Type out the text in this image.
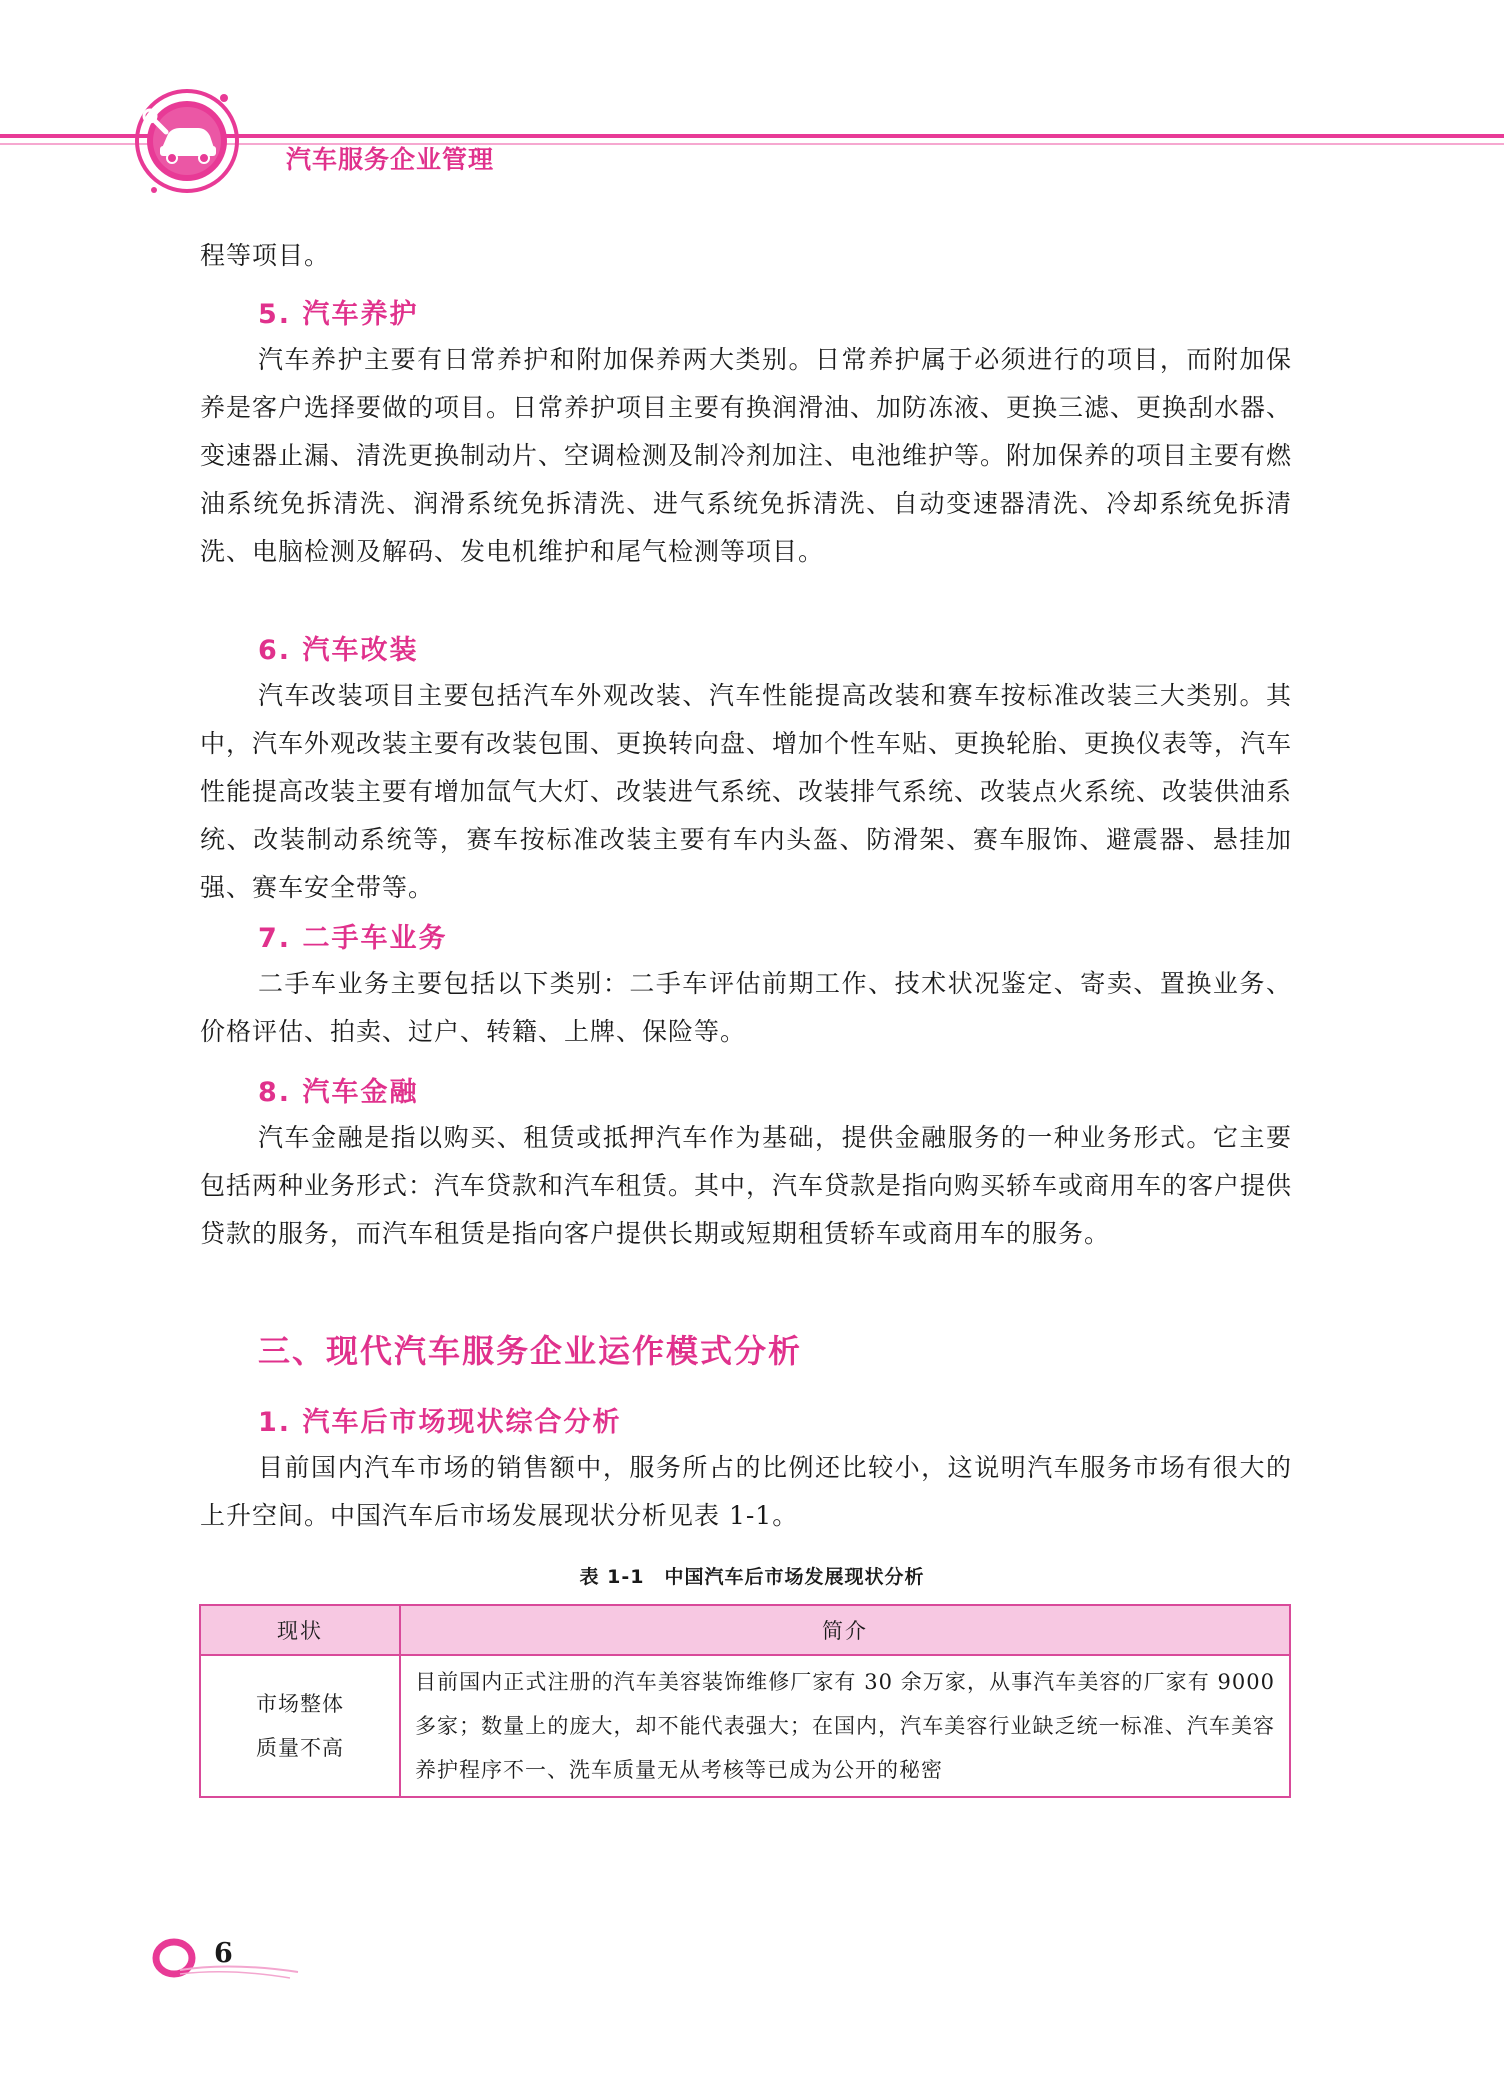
汽车服务企业管理
程等项目。
5. 汽车养护
汽车养护主要有日常养护和附加保养两大类别。日常养护属于必须进行的项目，而附加保养是客户选择要做的项目。日常养护项目主要有换润滑油、加防冻液、更换三滤、更换刮水器、变速器止漏、清洗更换制动片、空调检测及制冷剂加注、电池维护等。附加保养的项目主要有燃油系统免拆清洗、润滑系统免拆清洗、进气系统免拆清洗、自动变速器清洗、冷却系统免拆清洗、电脑检测及解码、发电机维护和尾气检测等项目。
6. 汽车改装
汽车改装项目主要包括汽车外观改装、汽车性能提高改装和赛车按标准改装三大类别。其中，汽车外观改装主要有改装包围、更换转向盘、增加个性车贴、更换轮胎、更换仪表等，汽车性能提高改装主要有增加氙气大灯、改装进气系统、改装排气系统、改装点火系统、改装供油系统、改装制动系统等，赛车按标准改装主要有车内头盔、防滑架、赛车服饰、避震器、悬挂加强、赛车安全带等。
7. 二手车业务
二手车业务主要包括以下类别：二手车评估前期工作、技术状况鉴定、寄卖、置换业务、价格评估、拍卖、过户、转籍、上牌、保险等。
8. 汽车金融
汽车金融是指以购买、租赁或抵押汽车作为基础，提供金融服务的一种业务形式。它主要包括两种业务形式：汽车贷款和汽车租赁。其中，汽车贷款是指向购买轿车或商用车的客户提供贷款的服务，而汽车租赁是指向客户提供长期或短期租赁轿车或商用车的服务。
三、现代汽车服务企业运作模式分析
1. 汽车后市场现状综合分析
目前国内汽车市场的销售额中，服务所占的比例还比较小，这说明汽车服务市场有很大的上升空间。中国汽车后市场发展现状分析见表 1-1。
表 1-1　中国汽车后市场发展现状分析
现状	简介

市场整体
质量不高	目前国内正式注册的汽车美容装饰维修厂家有 30 余万家，从事汽车美容的厂家有 9000 多家；数量上的庞大，却不能代表强大；在国内，汽车美容行业缺乏统一标准、汽车美容养护程序不一、洗车质量无从考核等已成为公开的秘密
6
